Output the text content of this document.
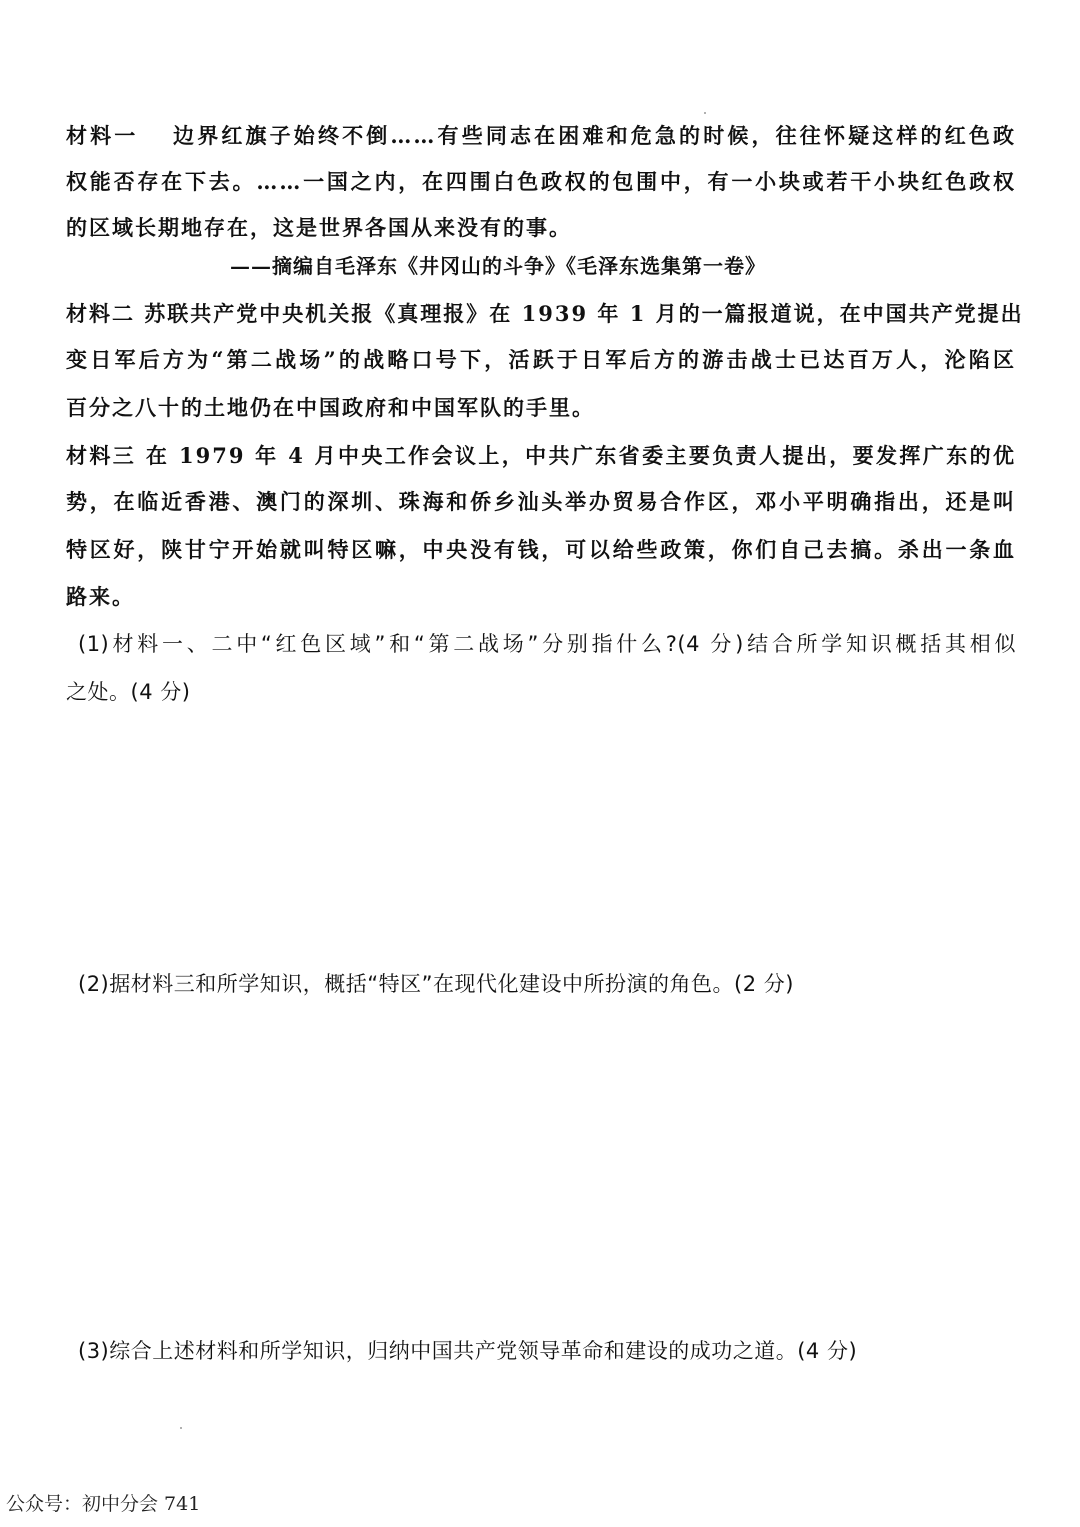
材料一　 边界红旗子始终不倒……有些同志在困难和危急的时候，往往怀疑这样的红色政
权能否存在下去。……一国之内，在四围白色政权的包围中，有一小块或若干小块红色政权
的区域长期地存在，这是世界各国从来没有的事。
——摘编自毛泽东《井冈山的斗争》《毛泽东选集第一卷》
材料二 苏联共产党中央机关报《真理报》在 1939 年 1 月的一篇报道说，在中国共产党提出
变日军后方为“第二战场”的战略口号下，活跃于日军后方的游击战士已达百万人，沦陷区
百分之八十的土地仍在中国政府和中国军队的手里。
材料三 在 1979 年 4 月中央工作会议上，中共广东省委主要负责人提出，要发挥广东的优
势，在临近香港、澳门的深圳、珠海和侨乡汕头举办贸易合作区，邓小平明确指出，还是叫
特区好，陕甘宁开始就叫特区嘛，中央没有钱，可以给些政策，你们自己去搞。杀出一条血
路来。
(1)材料一、二中“红色区域”和“第二战场”分别指什么?(4 分)结合所学知识概括其相似
之处。(4 分)
(2)据材料三和所学知识，概括“特区”在现代化建设中所扮演的角色。(2 分)
(3)综合上述材料和所学知识，归纳中国共产党领导革命和建设的成功之道。(4 分)
公众号：初中分会 741
